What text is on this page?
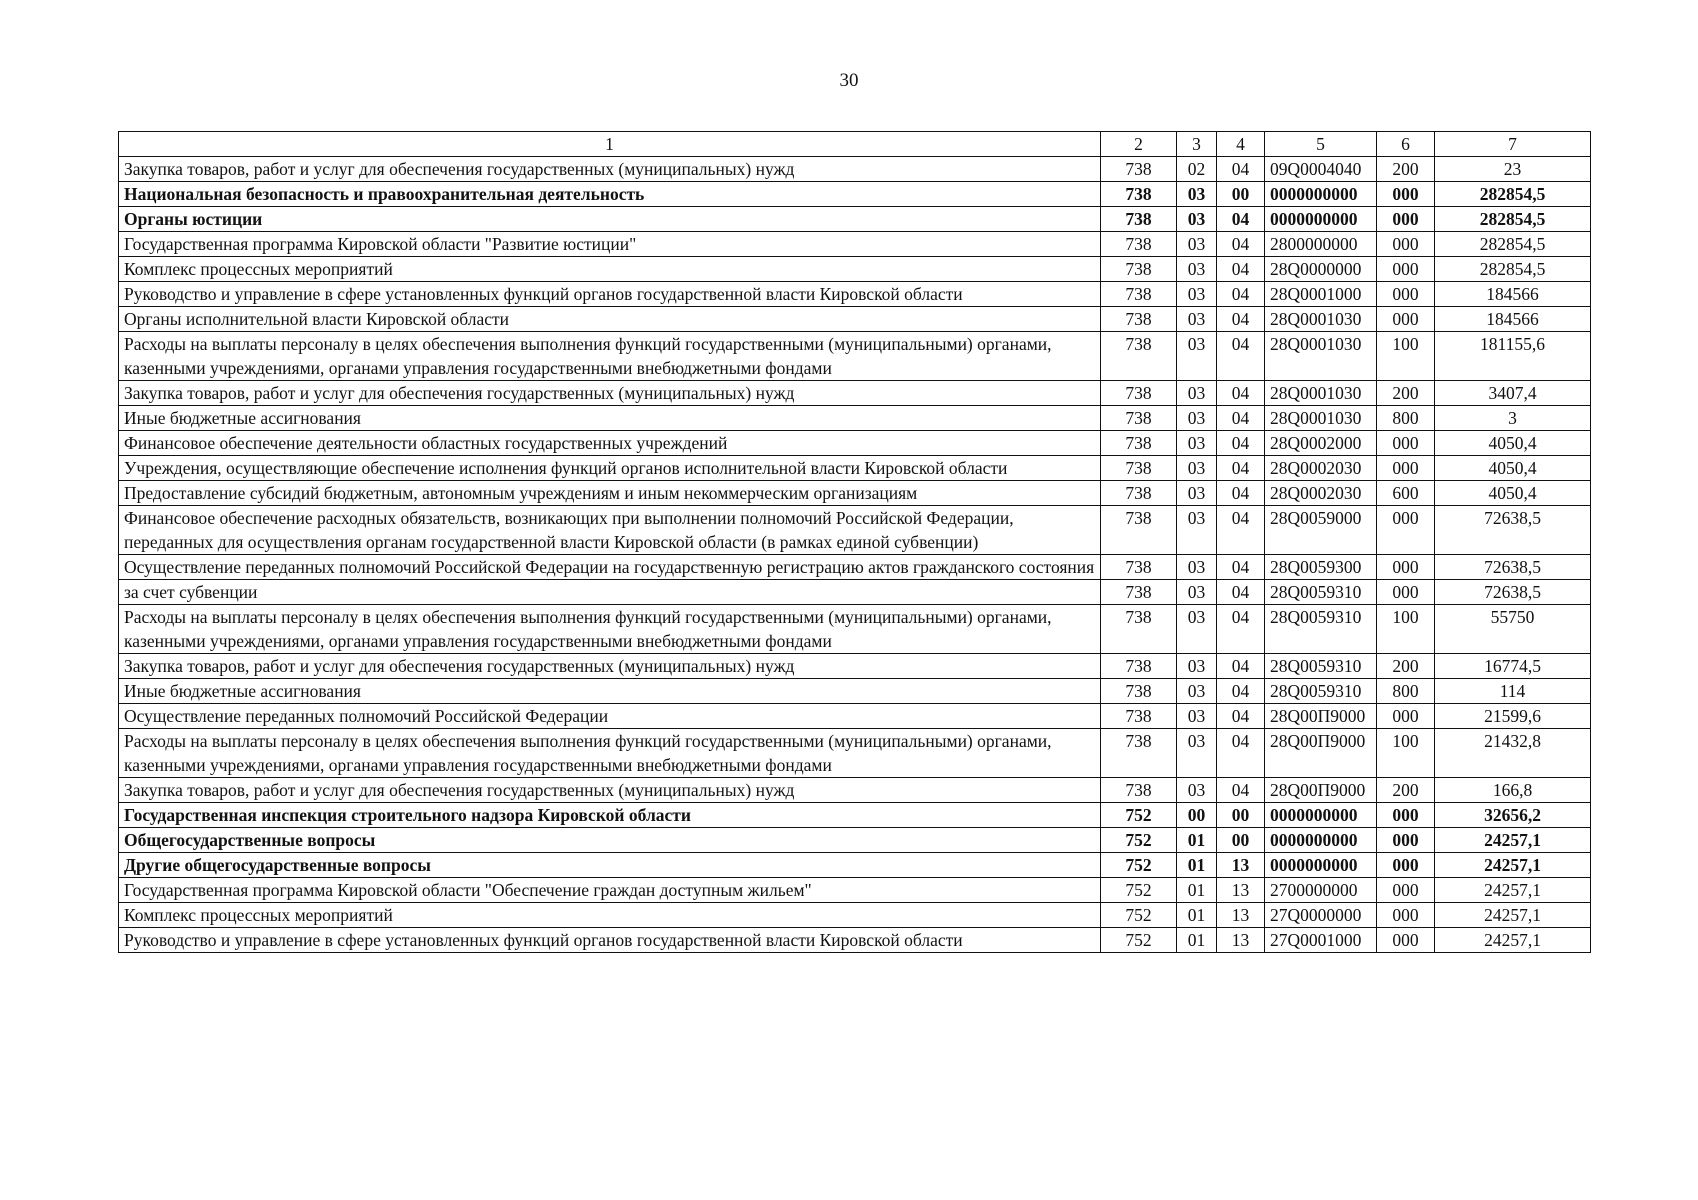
30
1	2	3	4	5	6	7
Закупка товаров, работ и услуг для обеспечения государственных (муниципальных) нужд	738	02	04	09Q0004040	200	23
Национальная безопасность и правоохранительная деятельность	738	03	00	0000000000	000	282854,5
Органы юстиции	738	03	04	0000000000	000	282854,5
Государственная программа Кировской области "Развитие юстиции"	738	03	04	2800000000	000	282854,5
Комплекс процессных мероприятий	738	03	04	28Q0000000	000	282854,5
Руководство и управление в сфере установленных функций органов государственной власти Кировской области	738	03	04	28Q0001000	000	184566
Органы исполнительной власти Кировской области	738	03	04	28Q0001030	000	184566
Расходы на выплаты персоналу в целях обеспечения выполнения функций государственными (муниципальными) органами, казенными учреждениями, органами управления государственными внебюджетными фондами	738	03	04	28Q0001030	100	181155,6
Закупка товаров, работ и услуг для обеспечения государственных (муниципальных) нужд	738	03	04	28Q0001030	200	3407,4
Иные бюджетные ассигнования	738	03	04	28Q0001030	800	3
Финансовое обеспечение деятельности областных государственных учреждений	738	03	04	28Q0002000	000	4050,4
Учреждения, осуществляющие обеспечение исполнения функций органов исполнительной власти Кировской области	738	03	04	28Q0002030	000	4050,4
Предоставление субсидий бюджетным, автономным учреждениям и иным некоммерческим организациям	738	03	04	28Q0002030	600	4050,4
Финансовое обеспечение расходных обязательств, возникающих при выполнении полномочий Российской Федерации, переданных для осуществления органам государственной власти Кировской области (в рамках единой субвенции)	738	03	04	28Q0059000	000	72638,5
Осуществление переданных полномочий Российской Федерации на государственную регистрацию актов гражданского состояния	738	03	04	28Q0059300	000	72638,5
за счет субвенции	738	03	04	28Q0059310	000	72638,5
Расходы на выплаты персоналу в целях обеспечения выполнения функций государственными (муниципальными) органами, казенными учреждениями, органами управления государственными внебюджетными фондами	738	03	04	28Q0059310	100	55750
Закупка товаров, работ и услуг для обеспечения государственных (муниципальных) нужд	738	03	04	28Q0059310	200	16774,5
Иные бюджетные ассигнования	738	03	04	28Q0059310	800	114
Осуществление переданных полномочий Российской Федерации	738	03	04	28Q00П9000	000	21599,6
Расходы на выплаты персоналу в целях обеспечения выполнения функций государственными (муниципальными) органами, казенными учреждениями, органами управления государственными внебюджетными фондами	738	03	04	28Q00П9000	100	21432,8
Закупка товаров, работ и услуг для обеспечения государственных (муниципальных) нужд	738	03	04	28Q00П9000	200	166,8
Государственная инспекция строительного надзора Кировской области	752	00	00	0000000000	000	32656,2
Общегосударственные вопросы	752	01	00	0000000000	000	24257,1
Другие общегосударственные вопросы	752	01	13	0000000000	000	24257,1
Государственная программа Кировской области "Обеспечение граждан доступным жильем"	752	01	13	2700000000	000	24257,1
Комплекс процессных мероприятий	752	01	13	27Q0000000	000	24257,1
Руководство и управление в сфере установленных функций органов государственной власти Кировской области	752	01	13	27Q0001000	000	24257,1
